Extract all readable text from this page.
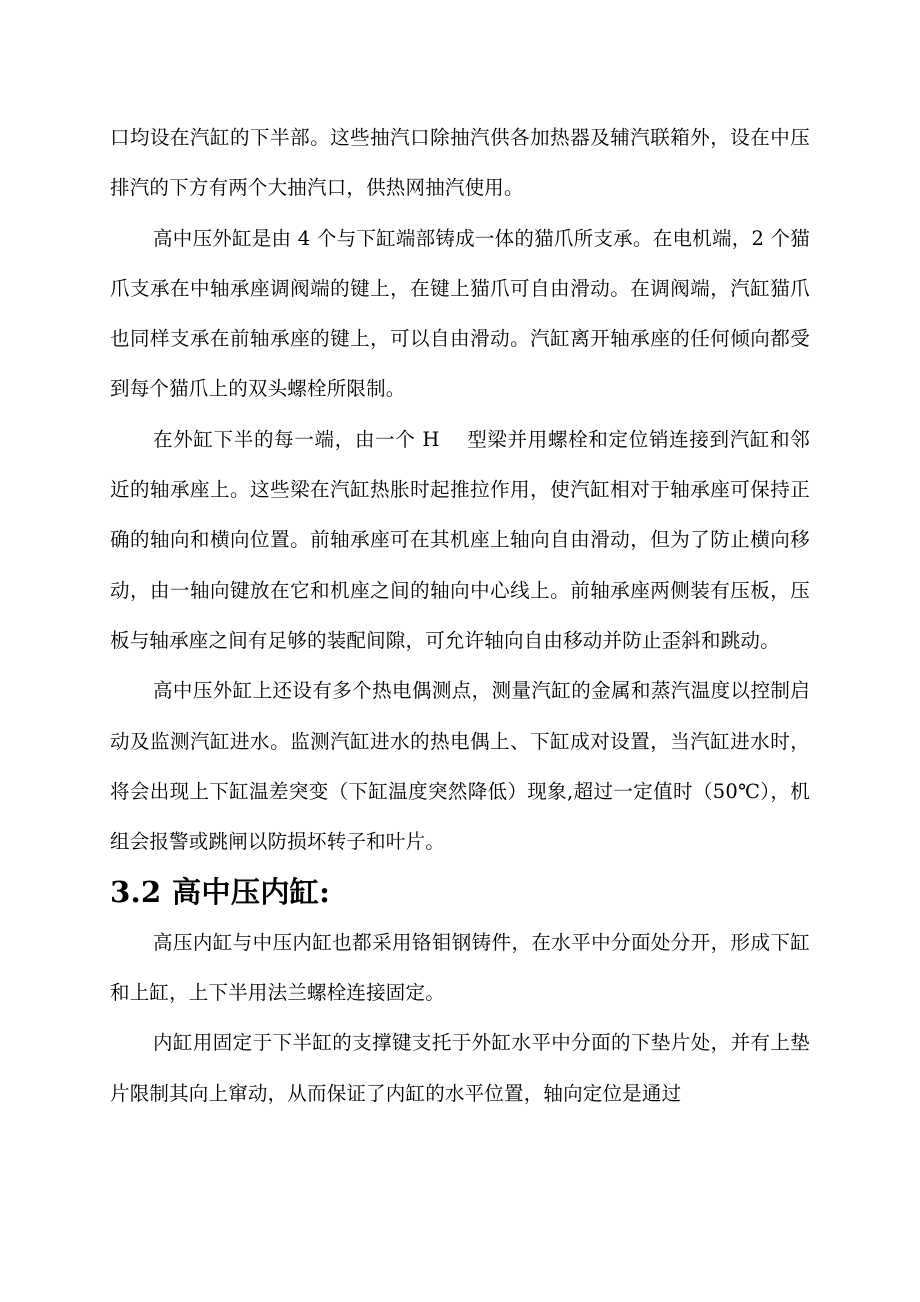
口均设在汽缸的下半部。这些抽汽口除抽汽供各加热器及辅汽联箱外，设在中压排汽的下方有两个大抽汽口，供热网抽汽使用。

高中压外缸是由 4 个与下缸端部铸成一体的猫爪所支承。在电机端，2 个猫爪支承在中轴承座调阀端的键上，在键上猫爪可自由滑动。在调阀端，汽缸猫爪也同样支承在前轴承座的键上，可以自由滑动。汽缸离开轴承座的任何倾向都受到每个猫爪上的双头螺栓所限制。

在外缸下半的每一端，由一个 H　 型梁并用螺栓和定位销连接到汽缸和邻近的轴承座上。这些梁在汽缸热胀时起推拉作用，使汽缸相对于轴承座可保持正确的轴向和横向位置。前轴承座可在其机座上轴向自由滑动，但为了防止横向移动，由一轴向键放在它和机座之间的轴向中心线上。前轴承座两侧装有压板，压板与轴承座之间有足够的装配间隙，可允许轴向自由移动并防止歪斜和跳动。

高中压外缸上还设有多个热电偶测点，测量汽缸的金属和蒸汽温度以控制启动及监测汽缸进水。监测汽缸进水的热电偶上、下缸成对设置，当汽缸进水时，将会出现上下缸温差突变（下缸温度突然降低）现象,超过一定值时（50℃），机组会报警或跳闸以防损坏转子和叶片。

3.2 高中压内缸:

高压内缸与中压内缸也都采用铬钼钢铸件，在水平中分面处分开，形成下缸和上缸，上下半用法兰螺栓连接固定。

内缸用固定于下半缸的支撑键支托于外缸水平中分面的下垫片处，并有上垫片限制其向上窜动，从而保证了内缸的水平位置，轴向定位是通过
